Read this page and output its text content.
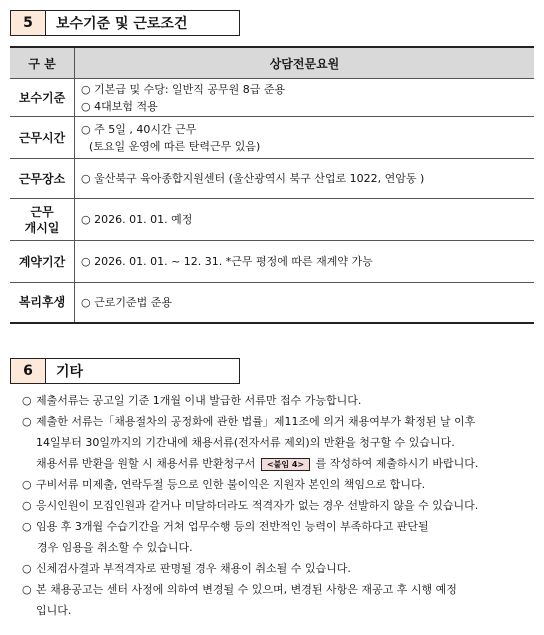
5	보수기준 및 근로조건
구 분	상담전문요원
보수기준	○ 기본급 및 수당: 일반직 공무원 8급 준용
○ 4대보험 적용

근무시간	○ 주 5일 , 40시간 근무
(토요일 운영에 따른 탄력근무 있음)

근무장소	○ 울산북구 육아종합지원센터 (울산광역시 북구 산업로 1022, 연암동 )

근무
개시일	○ 2026. 01. 01. 예정

계약기간	○ 2026. 01. 01. ~ 12. 31. *근무 평정에 따른 재계약 가능

복리후생	○ 근로기준법 준용
6	기타
○ 제출서류는 공고일 기준 1개월 이내 발급한 서류만 접수 가능합니다.
○ 제출한 서류는「채용절차의 공정화에 관한 법률」제11조에 의거 채용여부가 확정된 날 이후
14일부터 30일까지의 기간내에 채용서류(전자서류 제외)의 반환을 청구할 수 있습니다.
채용서류 반환을 원할 시 채용서류 반환청구서 <붙임 4> 를 작성하여 제출하시기 바랍니다.
○ 구비서류 미제출, 연락두절 등으로 인한 불이익은 지원자 본인의 책임으로 합니다.
○ 응시인원이 모집인원과 같거나 미달하더라도 적격자가 없는 경우 선발하지 않을 수 있습니다.
○ 임용 후 3개월 수습기간을 거쳐 업무수행 등의 전반적인 능력이 부족하다고 판단될
경우 임용을 취소할 수 있습니다.
○ 신체검사결과 부적격자로 판명될 경우 채용이 취소될 수 있습니다.
○ 본 채용공고는 센터 사정에 의하여 변경될 수 있으며, 변경된 사항은 재공고 후 시행 예정
입니다.
